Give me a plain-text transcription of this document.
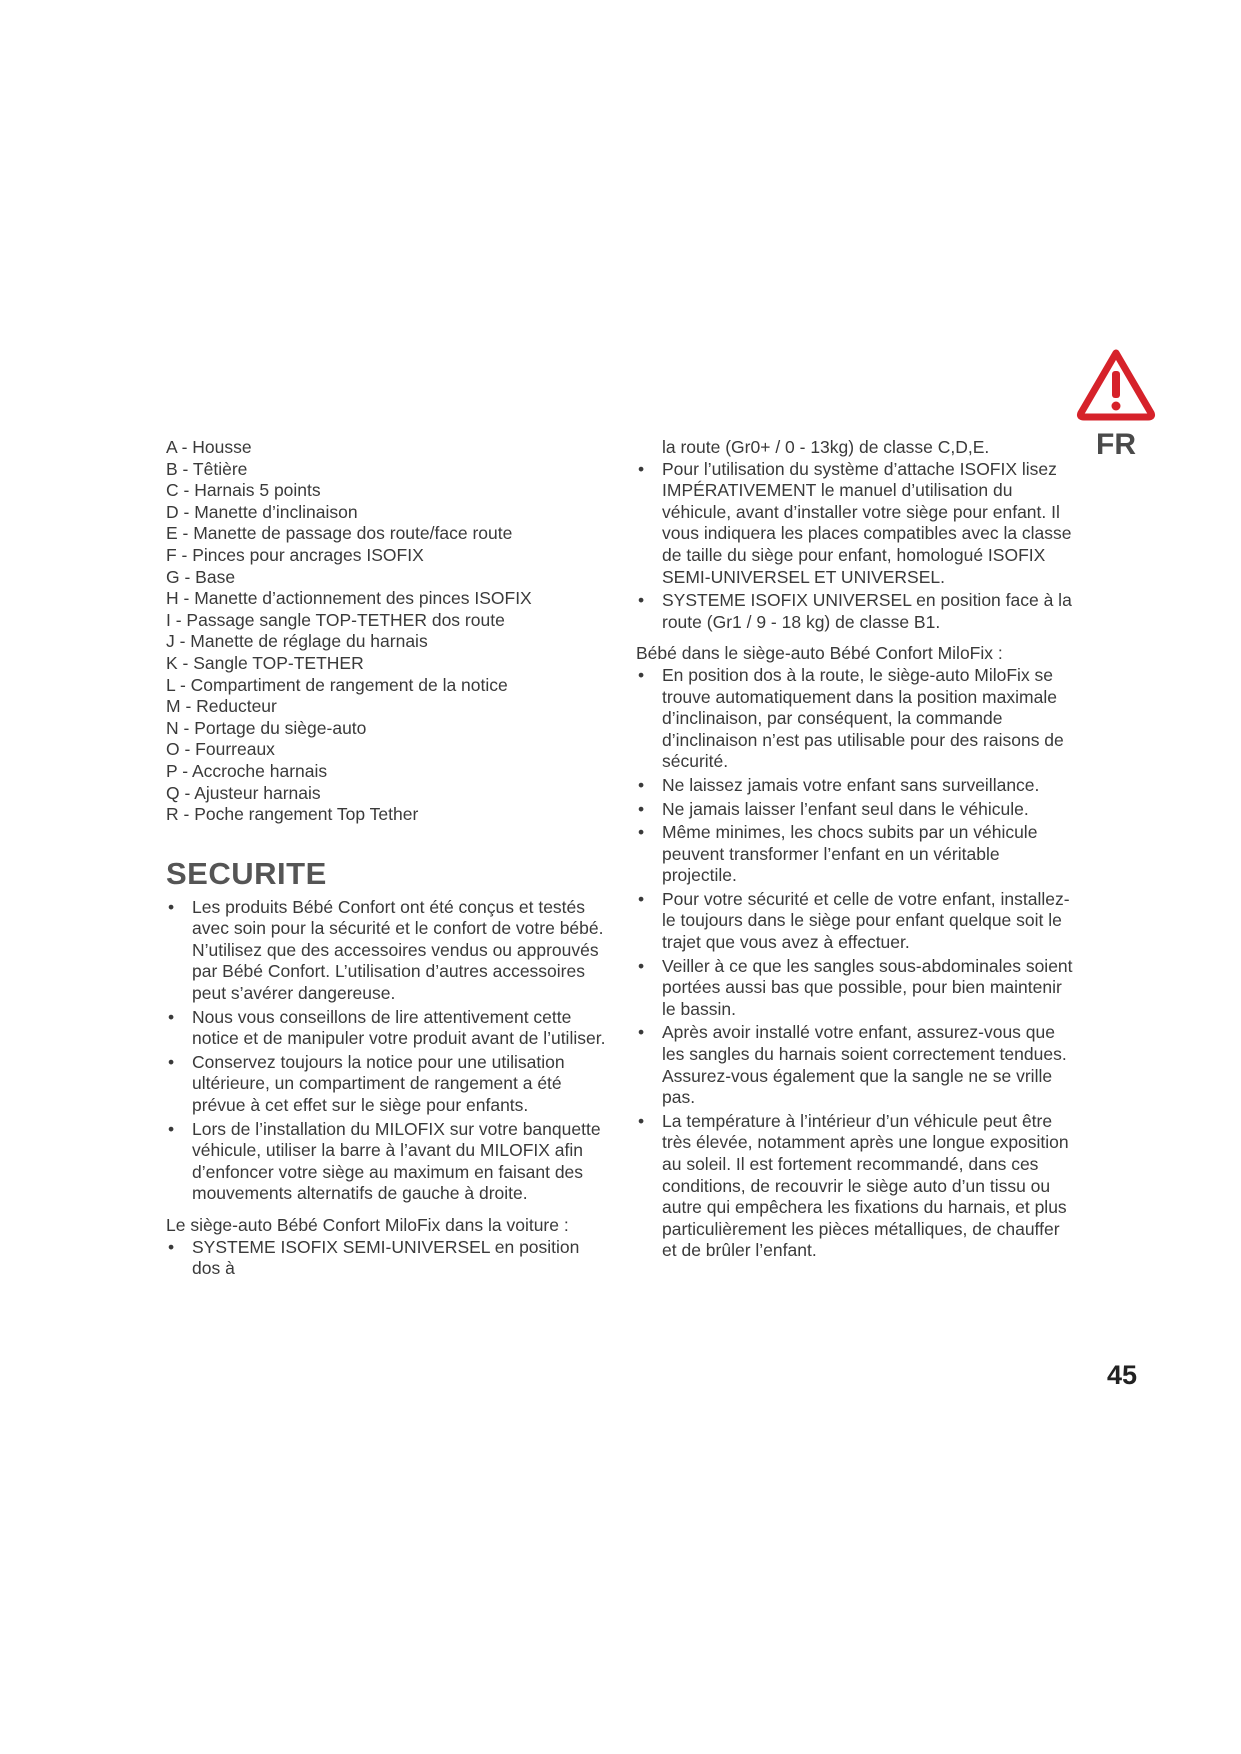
FR
A - Housse
B - Têtière
C - Harnais 5 points
D - Manette d’inclinaison
E - Manette de passage dos route/face route
F - Pinces pour ancrages ISOFIX
G - Base
H - Manette d’actionnement des pinces ISOFIX
I - Passage sangle TOP-TETHER dos route
J - Manette de réglage du harnais
K - Sangle TOP-TETHER
L - Compartiment de rangement de la notice
M - Reducteur
N - Portage du siège-auto
O - Fourreaux
P - Accroche harnais
Q - Ajusteur harnais
R - Poche rangement Top Tether
SECURITE
• Les produits Bébé Confort ont été conçus et testés avec soin pour la sécurité et le confort de votre bébé. N’utilisez que des accessoires vendus ou approuvés par Bébé Confort. L’utilisation d’autres accessoires peut s’avérer dangereuse.
• Nous vous conseillons de lire attentivement cette notice et de manipuler votre produit avant de l’utiliser.
• Conservez toujours la notice pour une utilisation ultérieure, un compartiment de rangement a été prévue à cet effet sur le siège pour enfants.
• Lors de l’installation du MILOFIX sur votre banquette véhicule, utiliser la barre à l’avant du MILOFIX afin d’enfoncer votre siège au maximum en faisant des mouvements alternatifs de gauche à droite.

Le siège-auto Bébé Confort MiloFix dans la voiture :

• SYSTEME ISOFIX SEMI-UNIVERSEL en position dos à
la route (Gr0+ / 0 - 13kg) de classe C,D,E.
• Pour l’utilisation du système d’attache ISOFIX lisez IMPÉRATIVEMENT le manuel d’utilisation du véhicule, avant d’installer votre siège pour enfant. Il vous indiquera les places compatibles avec la classe de taille du siège pour enfant, homologué ISOFIX SEMI-UNIVERSEL ET UNIVERSEL.
• SYSTEME ISOFIX UNIVERSEL en position face à la route (Gr1 / 9 - 18 kg) de classe B1.

Bébé dans le siège-auto Bébé Confort MiloFix :

• En position dos à la route, le siège-auto MiloFix se trouve automatiquement dans la position maximale d’inclinaison, par conséquent, la commande d’inclinaison n’est pas utilisable pour des raisons de sécurité.
• Ne laissez jamais votre enfant sans surveillance.
• Ne jamais laisser l’enfant seul dans le véhicule.
• Même minimes, les chocs subits par un véhicule peuvent transformer l’enfant en un véritable projectile.
• Pour votre sécurité et celle de votre enfant, installez-le toujours dans le siège pour enfant quelque soit le trajet que vous avez à effectuer.
• Veiller à ce que les sangles sous-abdominales soient portées aussi bas que possible, pour bien maintenir le bassin.
• Après avoir installé votre enfant, assurez-vous que les sangles du harnais soient correctement tendues. Assurez-vous également que la sangle ne se vrille pas.
• La température à l’intérieur d’un véhicule peut être très élevée, notamment après une longue exposition au soleil. Il est fortement recommandé, dans ces conditions, de recouvrir le siège auto d’un tissu ou autre qui empêchera les fixations du harnais, et plus particulièrement les pièces métalliques, de chauffer et de brûler l’enfant.
45
